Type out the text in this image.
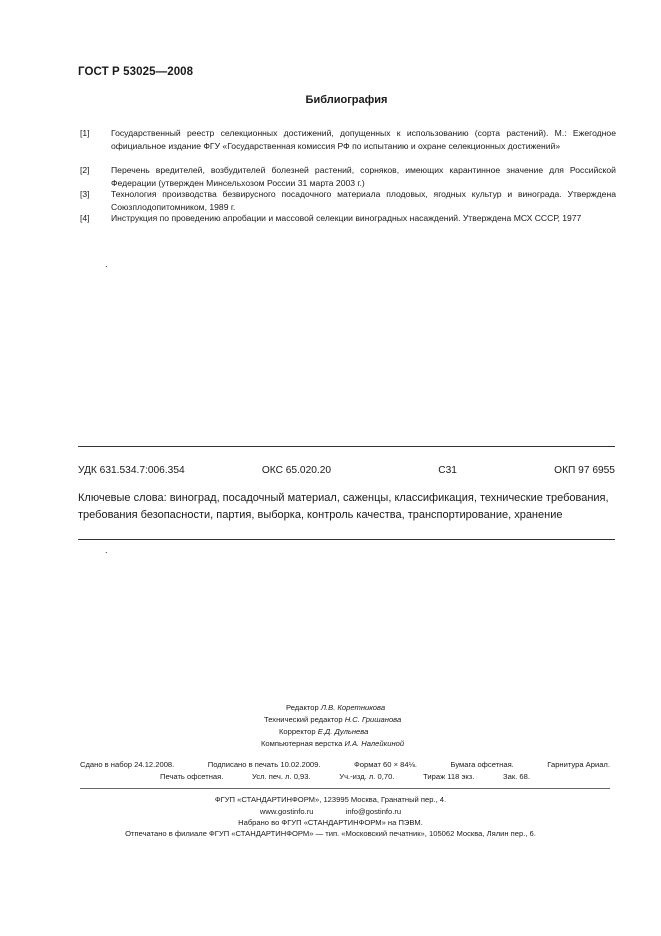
ГОСТ Р 53025—2008
Библиография
[1]	Государственный реестр селекционных достижений, допущенных к использованию (сорта растений). М.: Ежегодное официальное издание ФГУ «Государственная комиссия РФ по испытанию и охране селекционных достижений»
[2]	Перечень вредителей, возбудителей болезней растений, сорняков, имеющих карантинное значение для Российской Федерации (утвержден Минсельхозом России 31 марта 2003 г.)
[3]	Технология производства безвирусного посадочного материала плодовых, ягодных культур и винограда. Утверждена Союзплодопитомником, 1989 г.
[4]	Инструкция по проведению апробации и массовой селекции виноградных насаждений. Утверждена МСХ СССР, 1977
.
УДК 631.534.7:006.354	ОКС 65.020.20	С31	ОКП 97 6955
Ключевые слова: виноград, посадочный материал, саженцы, классификация, технические требования, требования безопасности, партия, выборка, контроль качества, транспортирование, хранение
.
Редактор Л.В. Коретникова
Технический редактор Н.С. Гришанова
Корректор Е.Д. Дульнева
Компьютерная верстка И.А. Налейкиной
Сдано в набор 24.12.2008.	Подписано в печать 10.02.2009.	Формат 60 × 84⅛.	Бумага офсетная.	Гарнитура Ариал.
Печать офсетная.	Усл. печ. л. 0,93.	Уч.-изд. л. 0,70.	Тираж 118 экз.	Зак. 68.
ФГУП «СТАНДАРТИНФОРМ», 123995 Москва, Гранатный пер., 4.
www.gostinfo.ru	info@gostinfo.ru
Набрано во ФГУП «СТАНДАРТИНФОРМ» на ПЭВМ.
Отпечатано в филиале ФГУП «СТАНДАРТИНФОРМ» — тип. «Московский печатник», 105062 Москва, Лялин пер., 6.
